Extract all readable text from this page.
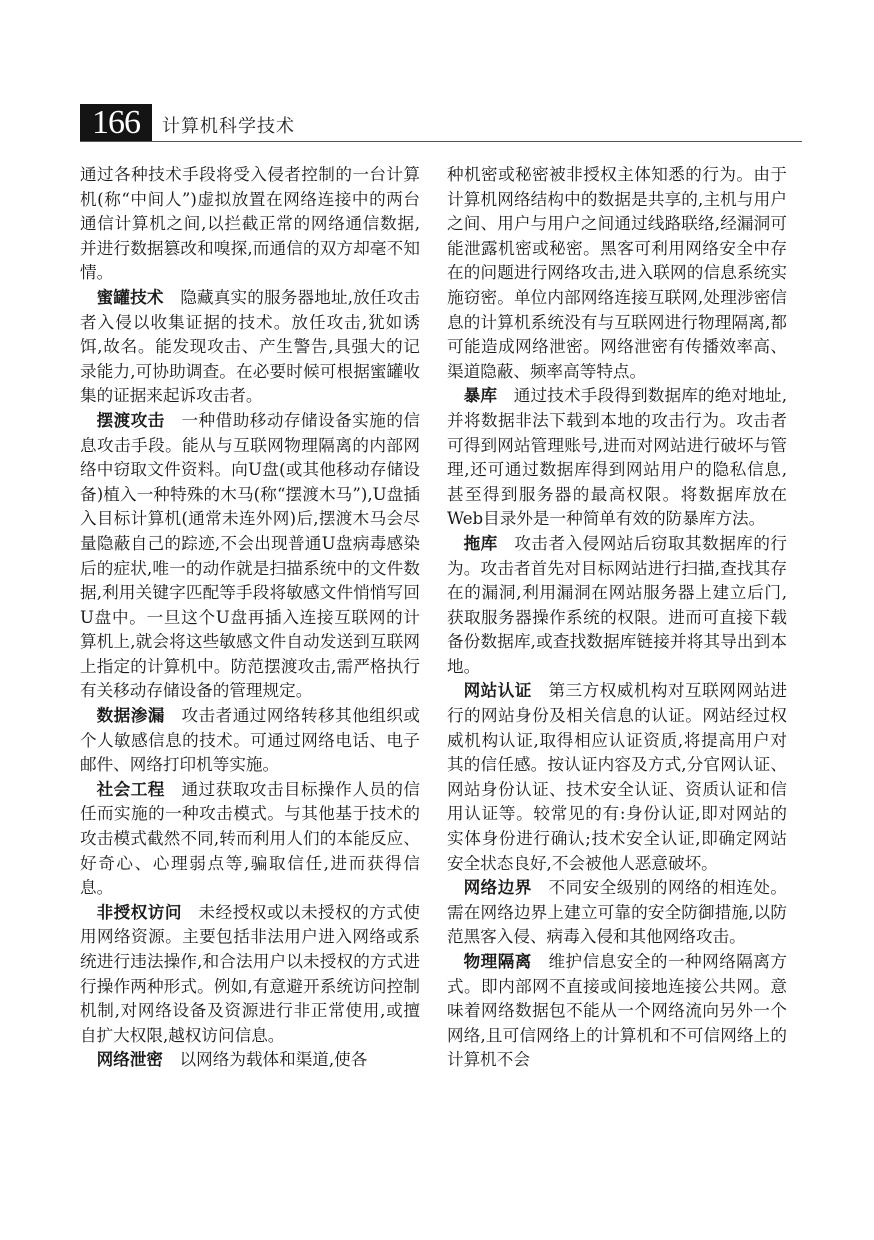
166	计算机科学技术

通过各种技术手段将受入侵者控制的一台计算机(称“中间人”)虚拟放置在网络连接中的两台通信计算机之间,以拦截正常的网络通信数据,并进行数据篡改和嗅探,而通信的双方却毫不知情。

蜜罐技术 隐藏真实的服务器地址,放任攻击者入侵以收集证据的技术。放任攻击,犹如诱饵,故名。能发现攻击、产生警告,具强大的记录能力,可协助调查。在必要时候可根据蜜罐收集的证据来起诉攻击者。

摆渡攻击 一种借助移动存储设备实施的信息攻击手段。能从与互联网物理隔离的内部网络中窃取文件资料。向U盘(或其他移动存储设备)植入一种特殊的木马(称“摆渡木马”),U盘插入目标计算机(通常未连外网)后,摆渡木马会尽量隐蔽自己的踪迹,不会出现普通U盘病毒感染后的症状,唯一的动作就是扫描系统中的文件数据,利用关键字匹配等手段将敏感文件悄悄写回U盘中。一旦这个U盘再插入连接互联网的计算机上,就会将这些敏感文件自动发送到互联网上指定的计算机中。防范摆渡攻击,需严格执行有关移动存储设备的管理规定。

数据渗漏 攻击者通过网络转移其他组织或个人敏感信息的技术。可通过网络电话、电子邮件、网络打印机等实施。

社会工程 通过获取攻击目标操作人员的信任而实施的一种攻击模式。与其他基于技术的攻击模式截然不同,转而利用人们的本能反应、好奇心、心理弱点等,骗取信任,进而获得信息。

非授权访问 未经授权或以未授权的方式使用网络资源。主要包括非法用户进入网络或系统进行违法操作,和合法用户以未授权的方式进行操作两种形式。例如,有意避开系统访问控制机制,对网络设备及资源进行非正常使用,或擅自扩大权限,越权访问信息。

网络泄密 以网络为载体和渠道,使各

种机密或秘密被非授权主体知悉的行为。由于计算机网络结构中的数据是共享的,主机与用户之间、用户与用户之间通过线路联络,经漏洞可能泄露机密或秘密。黑客可利用网络安全中存在的问题进行网络攻击,进入联网的信息系统实施窃密。单位内部网络连接互联网,处理涉密信息的计算机系统没有与互联网进行物理隔离,都可能造成网络泄密。网络泄密有传播效率高、渠道隐蔽、频率高等特点。

暴库 通过技术手段得到数据库的绝对地址,并将数据非法下载到本地的攻击行为。攻击者可得到网站管理账号,进而对网站进行破坏与管理,还可通过数据库得到网站用户的隐私信息,甚至得到服务器的最高权限。将数据库放在Web目录外是一种简单有效的防暴库方法。

拖库 攻击者入侵网站后窃取其数据库的行为。攻击者首先对目标网站进行扫描,查找其存在的漏洞,利用漏洞在网站服务器上建立后门,获取服务器操作系统的权限。进而可直接下载备份数据库,或查找数据库链接并将其导出到本地。

网站认证 第三方权威机构对互联网网站进行的网站身份及相关信息的认证。网站经过权威机构认证,取得相应认证资质,将提高用户对其的信任感。按认证内容及方式,分官网认证、网站身份认证、技术安全认证、资质认证和信用认证等。较常见的有:身份认证,即对网站的实体身份进行确认;技术安全认证,即确定网站安全状态良好,不会被他人恶意破坏。

网络边界 不同安全级别的网络的相连处。需在网络边界上建立可靠的安全防御措施,以防范黑客入侵、病毒入侵和其他网络攻击。

物理隔离 维护信息安全的一种网络隔离方式。即内部网不直接或间接地连接公共网。意味着网络数据包不能从一个网络流向另外一个网络,且可信网络上的计算机和不可信网络上的计算机不会
